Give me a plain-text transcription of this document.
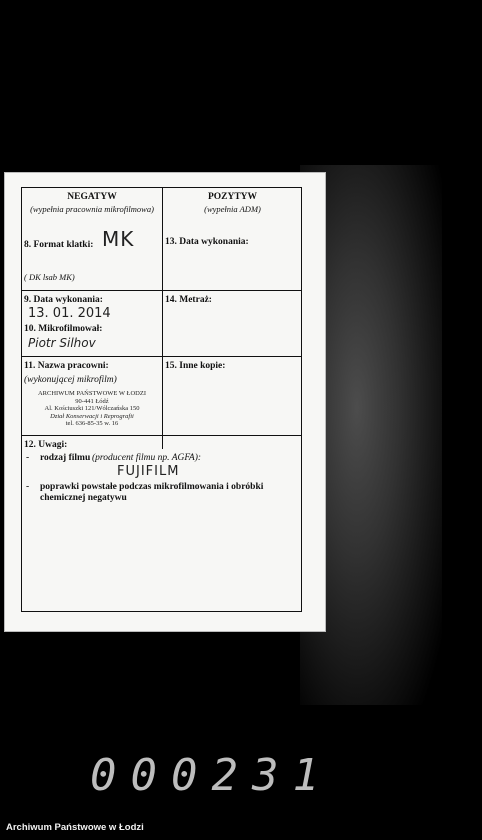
NEGATYW
(wypełnia pracownia mikrofilmowa)
POZYTYW
(wypełnia ADM)
8. Format klatki: MK
( DK lsab MK)
13. Data wykonania:
9. Data wykonania:
13. 01. 2014
10. Mikrofilmował:
Piotr Silhov
14. Metraż:
11. Nazwa pracowni:
(wykonującej mikrofilm)
ARCHIWUM PAŃSTWOWE W ŁODZI
90-441 Łódź
Al. Kościuszki 121/Wólczańska 150
Dział Konserwacji i Reprografii
tel. 636-85-35 w. 16
15. Inne kopie:
12. Uwagi:
- rodzaj filmu (producent filmu np. AGFA):
FUJIFILM
- poprawki powstałe podczas mikrofilmowania i obróbki
chemicznej negatywu
000231
Archiwum Państwowe w Łodzi
